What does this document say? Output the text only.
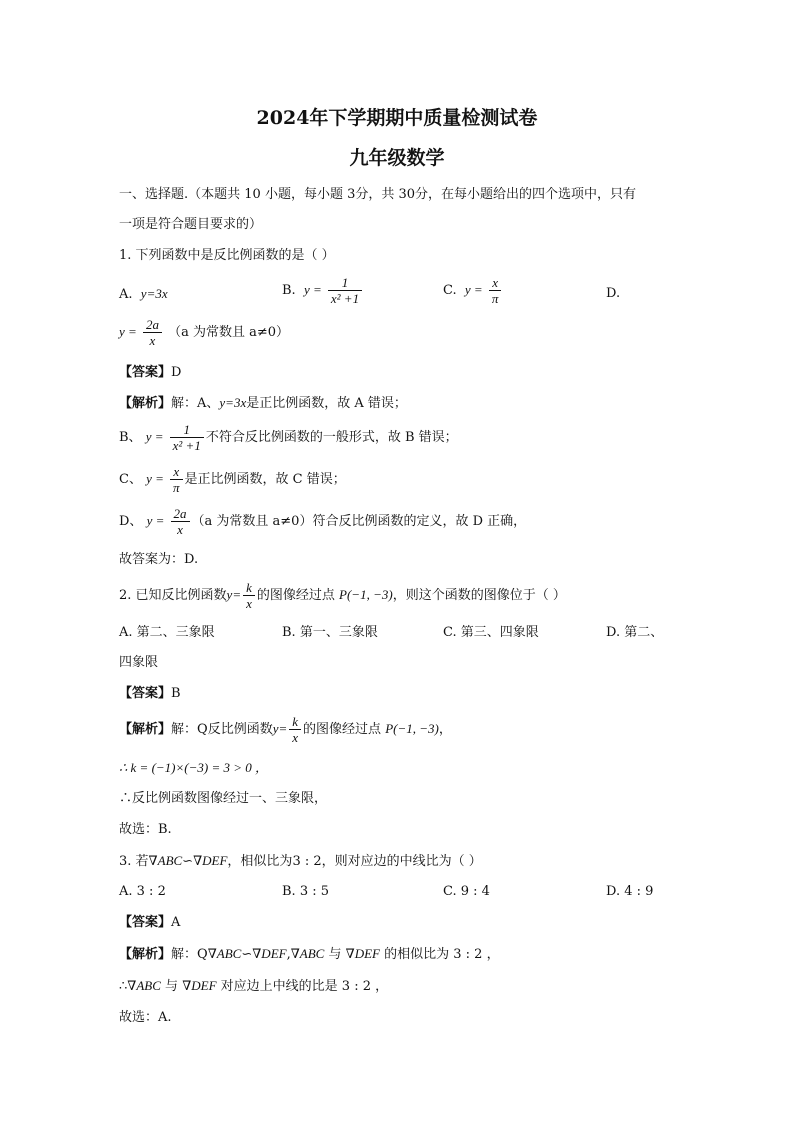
2024年下学期期中质量检测试卷
九年级数学
一、选择题.（本题共 10 小题，每小题 3分，共 30分，在每小题给出的四个选项中，只有
一项是符合题目要求的）
1. 下列函数中是反比例函数的是（ ）
A. y=3x	B. $y = \frac{1}{\text{x² +1}}$	C. $y = \frac{x}{\pi}$	D.
$y = \frac{2a}{x} (a$ 为常数且 a≠0）
【答案】D
【解析】解：A、y=3x是正比例函数，故 A 错误；
B、 $y = \frac{1}{\text{x² +1}}$ 不符合反比例函数的一般形式，故 B 错误；
C、 $y = \frac{x}{\pi}$ 是正比例函数，故 C 错误；
D、 $y = \frac{2a}{x} (a$ 为常数且 a≠0）符合反比例函数的定义，故 D 正确，
故答案为：D.
2. 已知反比例函数$y= \frac{k}{x}$ 的图像经过点 P(−1, −3)，则这个函数的图像位于（ ）
A. 第二、三象限	B. 第一、三象限	C. 第三、四象限	D. 第二、
四象限
【答案】B
【解析】解：Q反比例函数$y= \frac{k}{x}$ 的图像经过点 P(−1, −3)，
∴ k = (−1)×(−3) = 3 > 0 ，
∴反比例函数图像经过一、三象限，
故选：B.
3. 若∇ABC∽∇DEF，相似比为3 : 2，则对应边的中线比为（ ）
A. 3 : 2	B. 3 : 5	C. 9 : 4	D. 4 : 9
【答案】A
【解析】解：Q∇ABC∽∇DEF,∇ABC 与 ∇DEF 的相似比为 3 : 2 ，
∴∇ABC 与 ∇DEF 对应边上中线的比是 3 : 2 ，
故选：A.
